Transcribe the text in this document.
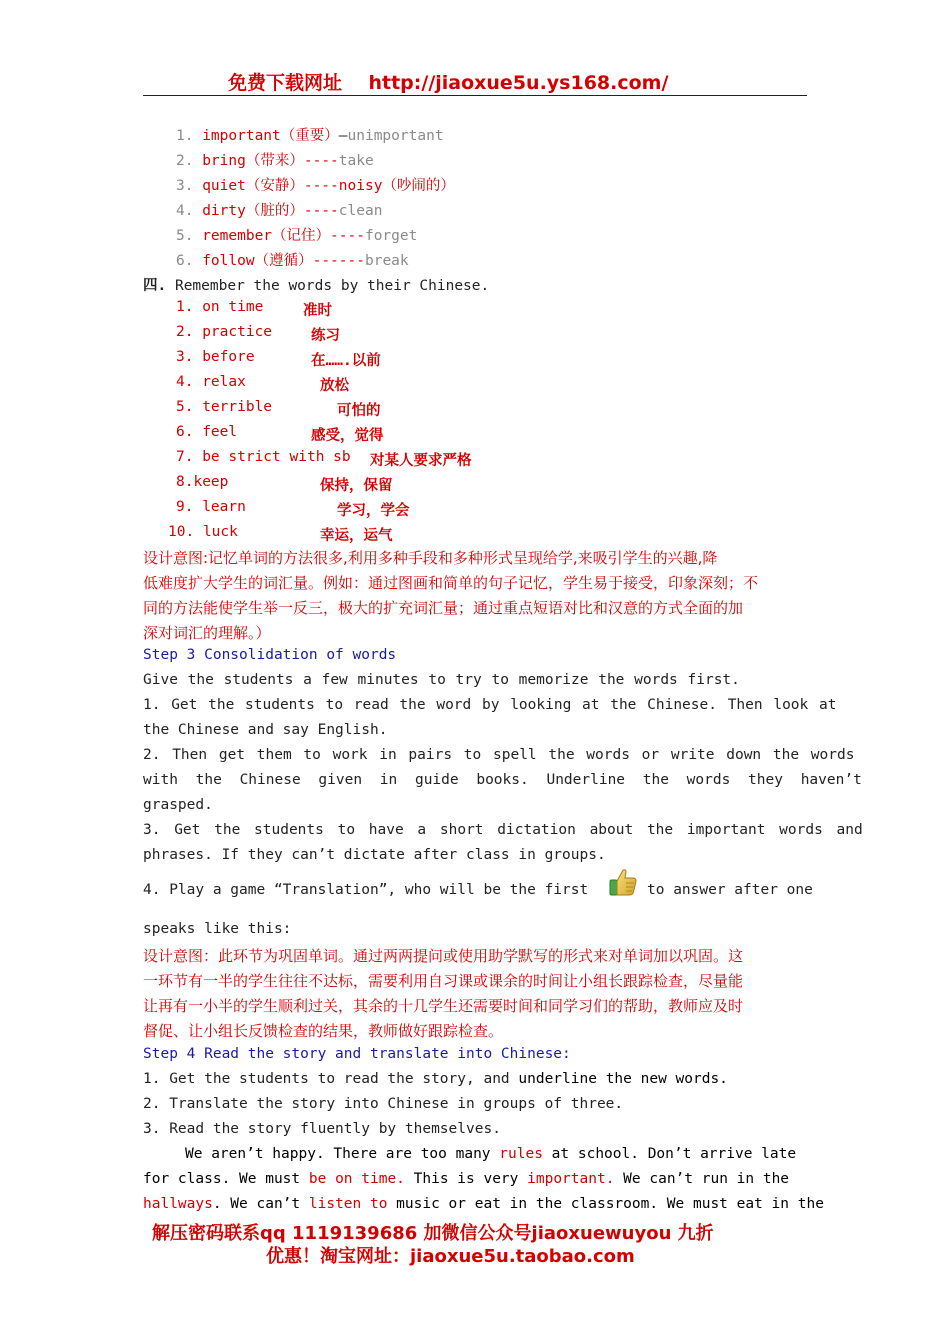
免费下载网址 http://jiaoxue5u.ys168.com/
1. important（重要）—unimportant
2. bring（带来）----take
3. quiet（安静）----noisy（吵闹的）
4. dirty（脏的）----clean
5. remember（记住）----forget
6. follow（遵循）------break
四. Remember the words by their Chinese.
1. on time	准时
2. practice	练习
3. before	在…….以前
4. relax	放松
5. terrible	可怕的
6. feel	感受，觉得
7. be strict with sb 对某人要求严格
8.keep	保持，保留
9. learn	学习，学会
10. luck	幸运，运气
设计意图:记忆单词的方法很多,利用多种手段和多种形式呈现给学,来吸引学生的兴趣,降
低难度扩大学生的词汇量。例如：通过图画和简单的句子记忆，学生易于接受，印象深刻；不
同的方法能使学生举一反三，极大的扩充词汇量；通过重点短语对比和汉意的方式全面的加
深对词汇的理解。）
Step 3 Consolidation of words
Give the students a few minutes to try to memorize the words first.
1. Get the students to read the word by looking at the Chinese. Then look at
the Chinese and say English.
2. Then get them to work in pairs to spell the words or write down the words
with the Chinese given in guide books. Underline the words they haven’t
grasped.
3. Get the students to have a short dictation about the important words and
phrases. If they can’t dictate after class in groups.
4. Play a game “Translation”, who will be the first	to answer after one
speaks like this:
设计意图：此环节为巩固单词。通过两两提问或使用助学默写的形式来对单词加以巩固。这
一环节有一半的学生往往不达标，需要利用自习课或课余的时间让小组长跟踪检查，尽量能
让再有一小半的学生顺利过关，其余的十几学生还需要时间和同学习们的帮助，教师应及时
督促、让小组长反馈检查的结果，教师做好跟踪检查。
Step 4 Read the story and translate into Chinese:
1. Get the students to read the story, and underline the new words.
2. Translate the story into Chinese in groups of three.
3. Read the story fluently by themselves.
We aren’t happy. There are too many rules at school. Don’t arrive late
for class. We must be on time. This is very important. We can’t run in the
hallways. We can’t listen to music or eat in the classroom. We must eat in the
解压密码联系qq 1119139686 加微信公众号jiaoxuewuyou 九折
优惠！淘宝网址：jiaoxue5u.taobao.com
